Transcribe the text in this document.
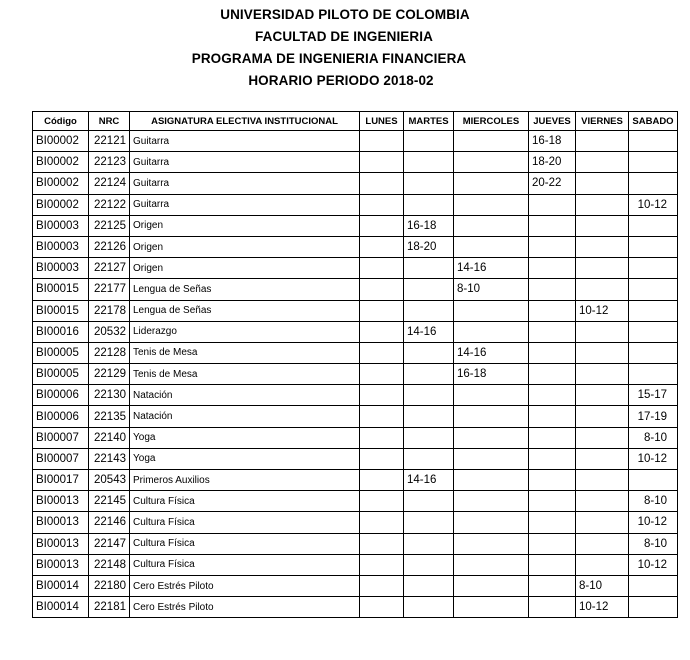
UNIVERSIDAD PILOTO DE COLOMBIA
FACULTAD DE INGENIERIA
PROGRAMA DE INGENIERIA FINANCIERA
HORARIO PERIODO 2018-02
Código	NRC	ASIGNATURA ELECTIVA INSTITUCIONAL	LUNES	MARTES	MIERCOLES	JUEVES	VIERNES	SABADO
BI00002	22121	Guitarra				16-18		
BI00002	22123	Guitarra				18-20		
BI00002	22124	Guitarra				20-22		
BI00002	22122	Guitarra						10-12
BI00003	22125	Origen		16-18				
BI00003	22126	Origen		18-20				
BI00003	22127	Origen			14-16			
BI00015	22177	Lengua de Señas			8-10			
BI00015	22178	Lengua de Señas					10-12	
BI00016	20532	Liderazgo		14-16				
BI00005	22128	Tenis de Mesa			14-16			
BI00005	22129	Tenis de Mesa			16-18			
BI00006	22130	Natación						15-17
BI00006	22135	Natación						17-19
BI00007	22140	Yoga						8-10
BI00007	22143	Yoga						10-12
BI00017	20543	Primeros Auxilios		14-16				
BI00013	22145	Cultura Física						8-10
BI00013	22146	Cultura Física						10-12
BI00013	22147	Cultura Física						8-10
BI00013	22148	Cultura Física						10-12
BI00014	22180	Cero Estrés Piloto					8-10	
BI00014	22181	Cero Estrés Piloto					10-12	
